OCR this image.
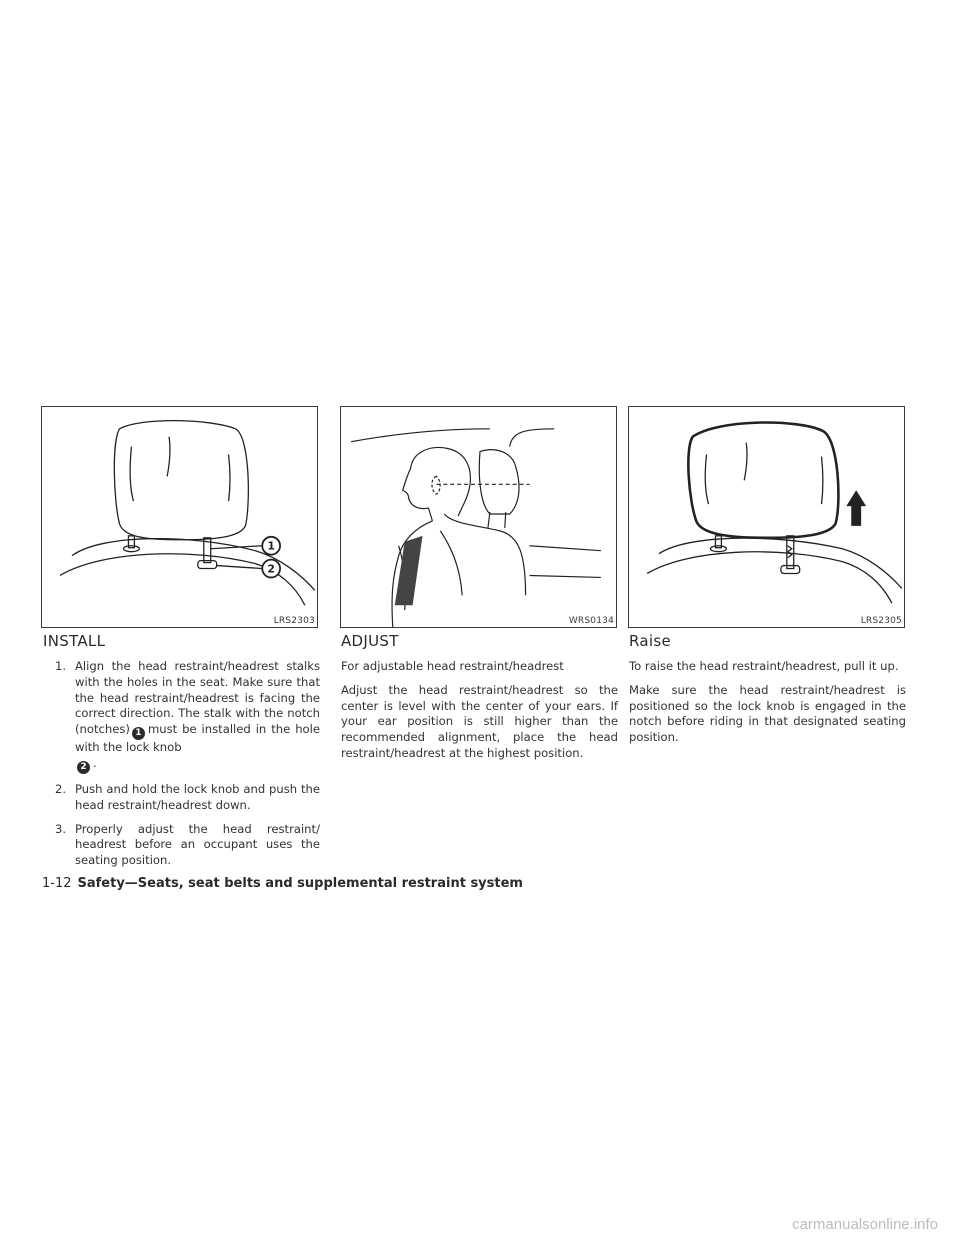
1
2
LRS2303	WRS0134	LRS2305
INSTALL
1. Align the head restraint/headrest stalks with the holes in the seat. Make sure that the head restraint/headrest is facing the correct direction. The stalk with the notch (notches) 1 must be installed in the hole with the lock knob
2 .
2. Push and hold the lock knob and push the head restraint/headrest down.
3. Properly adjust the head restraint/ headrest before an occupant uses the seating position.
ADJUST

For adjustable head restraint/headrest

Adjust the head restraint/headrest so the center is level with the center of your ears. If your ear position is still higher than the recommended alignment, place the head restraint/headrest at the highest position.

Raise

To raise the head restraint/headrest, pull it up.

Make sure the head restraint/headrest is positioned so the lock knob is engaged in the notch before riding in that designated seating position.

1-12 Safety—Seats, seat belts and supplemental restraint system
carmanualsonline.info
